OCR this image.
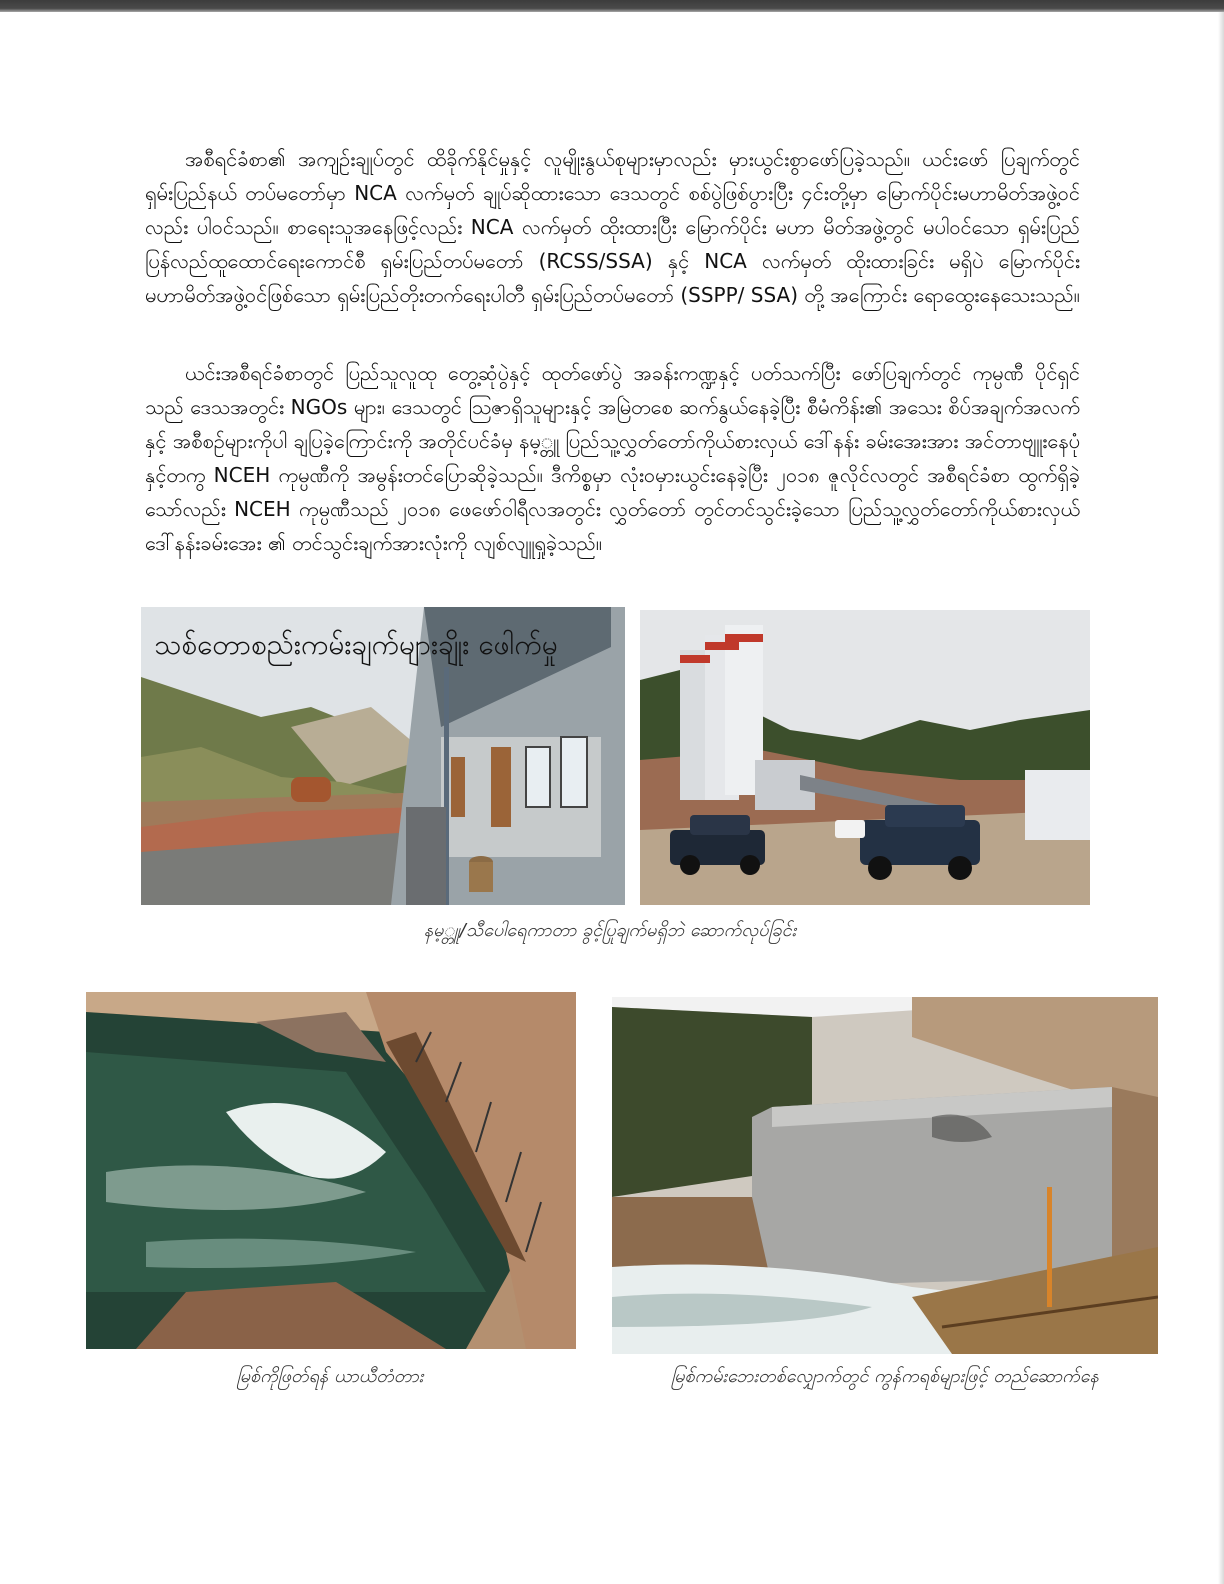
အစီရင်ခံစာ၏ အကျဉ်းချုပ်တွင် ထိခိုက်နိုင်မှုနှင့် လူမျိုးနွယ်စုများမှာလည်း မှားယွင်းစွာဖော်ပြခဲ့သည်။ ယင်းဖော် ပြချက်တွင် ရှမ်းပြည်နယ် တပ်မတော်မှာ NCA လက်မှတ် ချုပ်ဆိုထားသော ဒေသတွင် စစ်ပွဲဖြစ်ပွားပြီး ၄င်းတို့မှာ မြောက်ပိုင်းမဟာမိတ်အဖွဲ့ဝင်လည်း ပါဝင်သည်။ စာရေးသူအနေဖြင့်လည်း NCA လက်မှတ် ထိုးထားပြီး မြောက်ပိုင်း မဟာ မိတ်အဖွဲ့တွင် မပါဝင်သော ရှမ်းပြည်ပြန်လည်ထူထောင်ရေးကောင်စီ ရှမ်းပြည်တပ်မတော် (RCSS/SSA) နှင့် NCA လက်မှတ် ထိုးထားခြင်း မရှိပဲ မြောက်ပိုင်းမဟာမိတ်အဖွဲ့ဝင်ဖြစ်သော ရှမ်းပြည်တိုးတက်ရေးပါတီ ရှမ်းပြည်တပ်မတော် (SSPP/ SSA) တို့ အကြောင်း ရောထွေးနေသေးသည်။

ယင်းအစီရင်ခံစာတွင် ပြည်သူလူထု တွေ့ဆုံပွဲနှင့် ထုတ်ဖော်ပွဲ အခန်းကဏ္ဍနှင့် ပတ်သက်ပြီး ဖော်ပြချက်တွင် ကုမ္ပဏီ ပိုင်ရှင်သည် ဒေသအတွင်း NGOs များ၊ ဒေသတွင် သြဇာရှိသူများနှင့် အမြဲတစေ ဆက်နွယ်နေခဲ့ပြီး စီမံကိန်း၏ အသေး စိပ်အချက်အလက်နှင့် အစီစဉ်များကိုပါ ချပြခဲ့ကြောင်းကို အတိုင်ပင်ခံမှ နမ့္တူ ပြည်သူ့လွှတ်တော်ကိုယ်စားလှယ် ဒေါ်နန်း ခမ်းအေးအား အင်တာဗျူးနေပုံနှင့်တကွ NCEH ကုမ္ပဏီကို အမွန်းတင်ပြောဆိုခဲ့သည်။ ဒီကိစ္စမှာ လုံးဝမှားယွင်းနေခဲ့ပြီး ၂၀၁၈ ဇူလိုင်လတွင် အစီရင်ခံစာ ထွက်ရှိခဲ့သော်လည်း NCEH ကုမ္ပဏီသည် ၂၀၁၈ ဖေဖော်ဝါရီလအတွင်း လွှတ်တော် တွင်တင်သွင်းခဲ့သော ပြည်သူ့လွှတ်တော်ကိုယ်စားလှယ် ဒေါ်နန်းခမ်းအေး ၏ တင်သွင်းချက်အားလုံးကို လျစ်လျူရှုခဲ့သည်။

သစ်တောစည်းကမ်းချက်များချိုး ဖေါက်မှု
နမ့္တူ/သီပေါရေကာတာ ခွင့်ပြုချက်မရှိဘဲ ဆောက်လုပ်ခြင်း
မြစ်ကိုဖြတ်ရန် ယာယီတံတား	မြစ်ကမ်းဘေးတစ်လျှောက်တွင် ကွန်ကရစ်များဖြင့် တည်ဆောက်နေ
